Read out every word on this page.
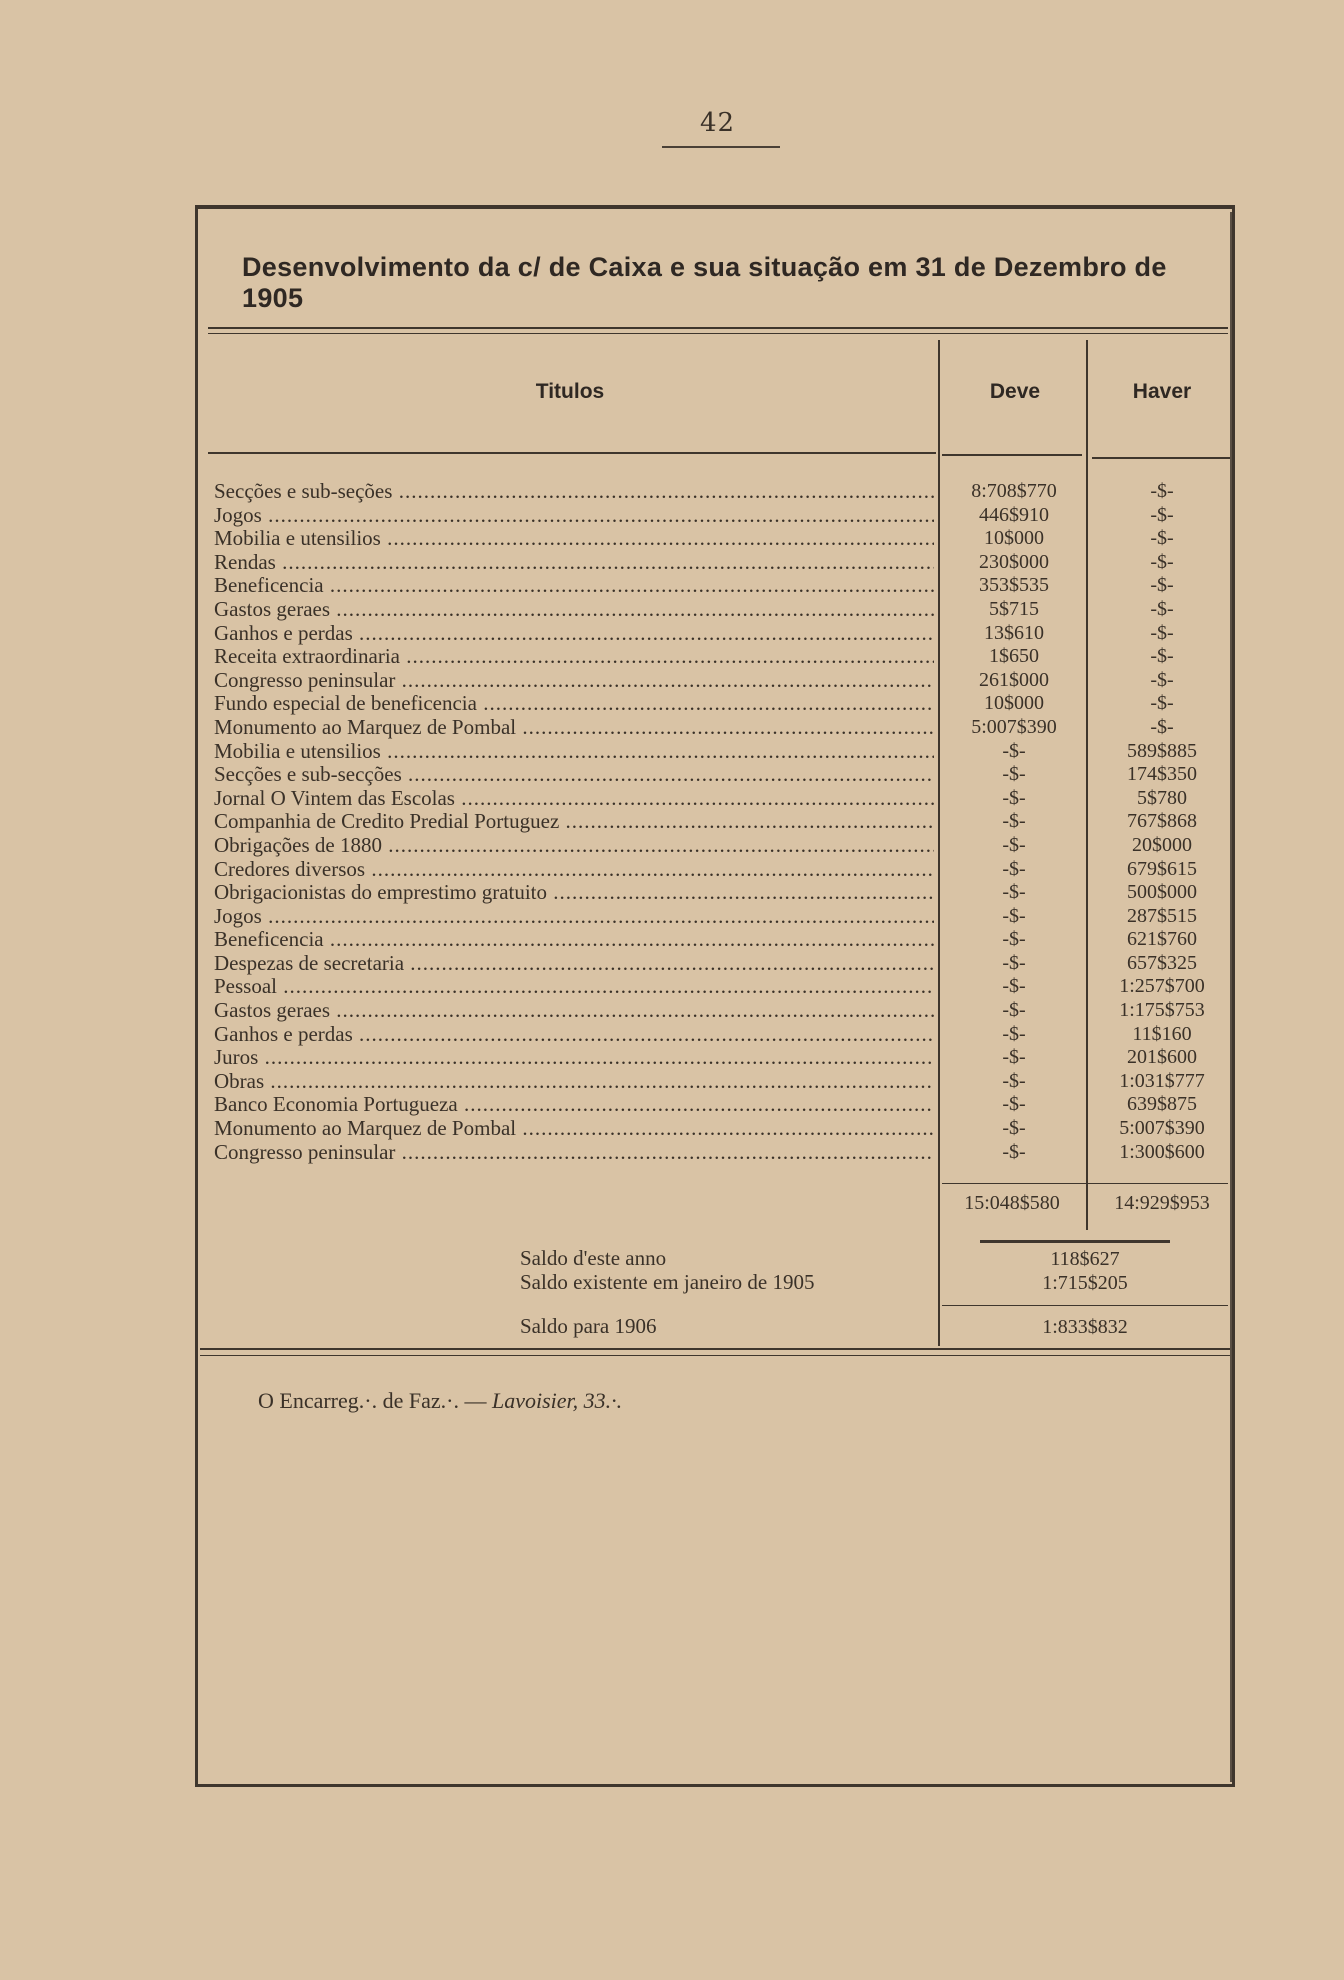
42
Desenvolvimento da c/ de Caixa e sua situação em 31 de Dezembro de 1905
Titulos	Deve	Haver
Secções e sub-seções .....	8:708$770	-$-
Jogos .....	446$910	-$-
Mobilia e utensilios .....	10$000	-$-
Rendas .....	230$000	-$-
Beneficencia .....	353$535	-$-
Gastos geraes .....	5$715	-$-
Ganhos e perdas .....	13$610	-$-
Receita extraordinaria .....	1$650	-$-
Congresso peninsular .....	261$000	-$-
Fundo especial de beneficencia .....	10$000	-$-
Monumento ao Marquez de Pombal .....	5:007$390	-$-
Mobilia e utensilios .....	-$-	589$885
Secções e sub-secções .....	-$-	174$350
Jornal O Vintem das Escolas .....	-$-	5$780
Companhia de Credito Predial Portuguez .....	-$-	767$868
Obrigações de 1880 .....	-$-	20$000
Credores diversos .....	-$-	679$615
Obrigacionistas do emprestimo gratuito .....	-$-	500$000
Jogos .....	-$-	287$515
Beneficencia .....	-$-	621$760
Despezas de secretaria .....	-$-	657$325
Pessoal .....	-$-	1:257$700
Gastos geraes .....	-$-	1:175$753
Ganhos e perdas .....	-$-	11$160
Juros .....	-$-	201$600
Obras .....	-$-	1:031$777
Banco Economia Portugueza .....	-$-	639$875
Monumento ao Marquez de Pombal .....	-$-	5:007$390
Congresso peninsular .....	-$-	1:300$600
15:048$580	14:929$953
Saldo d'este anno	118$627
Saldo existente em janeiro de 1905	1:715$205
Saldo para 1906	1:833$832
O Encarreg.·. de Faz.·. — Lavoisier, 33.·.
